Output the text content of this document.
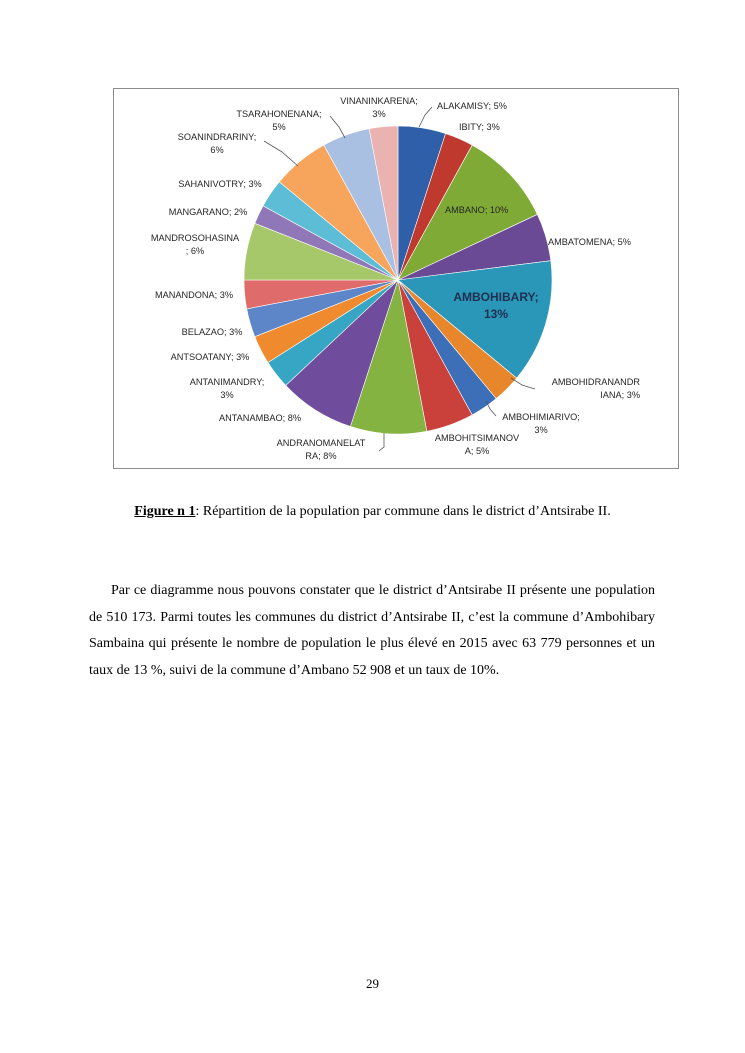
ALAKAMISY; 5%
IBITY; 3%
AMBANO; 10%
AMBATOMENA; 5%
AMBOHIBARY; 13%
AMBOHIDRANANDR IANA; 3%
AMBOHIMIARIVO; 3%
AMBOHITSIMANOV A; 5%
ANDRANOMANELAT RA; 8%
ANTANAMBAO; 8%
ANTANIMANDRY; 3%
ANTSOATANY; 3%
BELAZAO; 3%
MANANDONA; 3%
MANDROSOHASINA ; 6%
MANGARANO; 2%
SAHANIVOTRY; 3%
SOANINDRARINY; 6%
TSARAHONENANA; 5%
VINANINKARENA; 3%
Figure n 1: Répartition de la population par commune dans le district d’Antsirabe II.
Par ce diagramme nous pouvons constater que le district d’Antsirabe II présente une population de 510 173. Parmi toutes les communes du district d’Antsirabe II, c’est la commune d’Ambohibary Sambaina qui présente le nombre de population le plus élevé en 2015 avec 63 779 personnes et un taux de 13 %, suivi de la commune d’Ambano 52 908 et un taux de 10%.
29
